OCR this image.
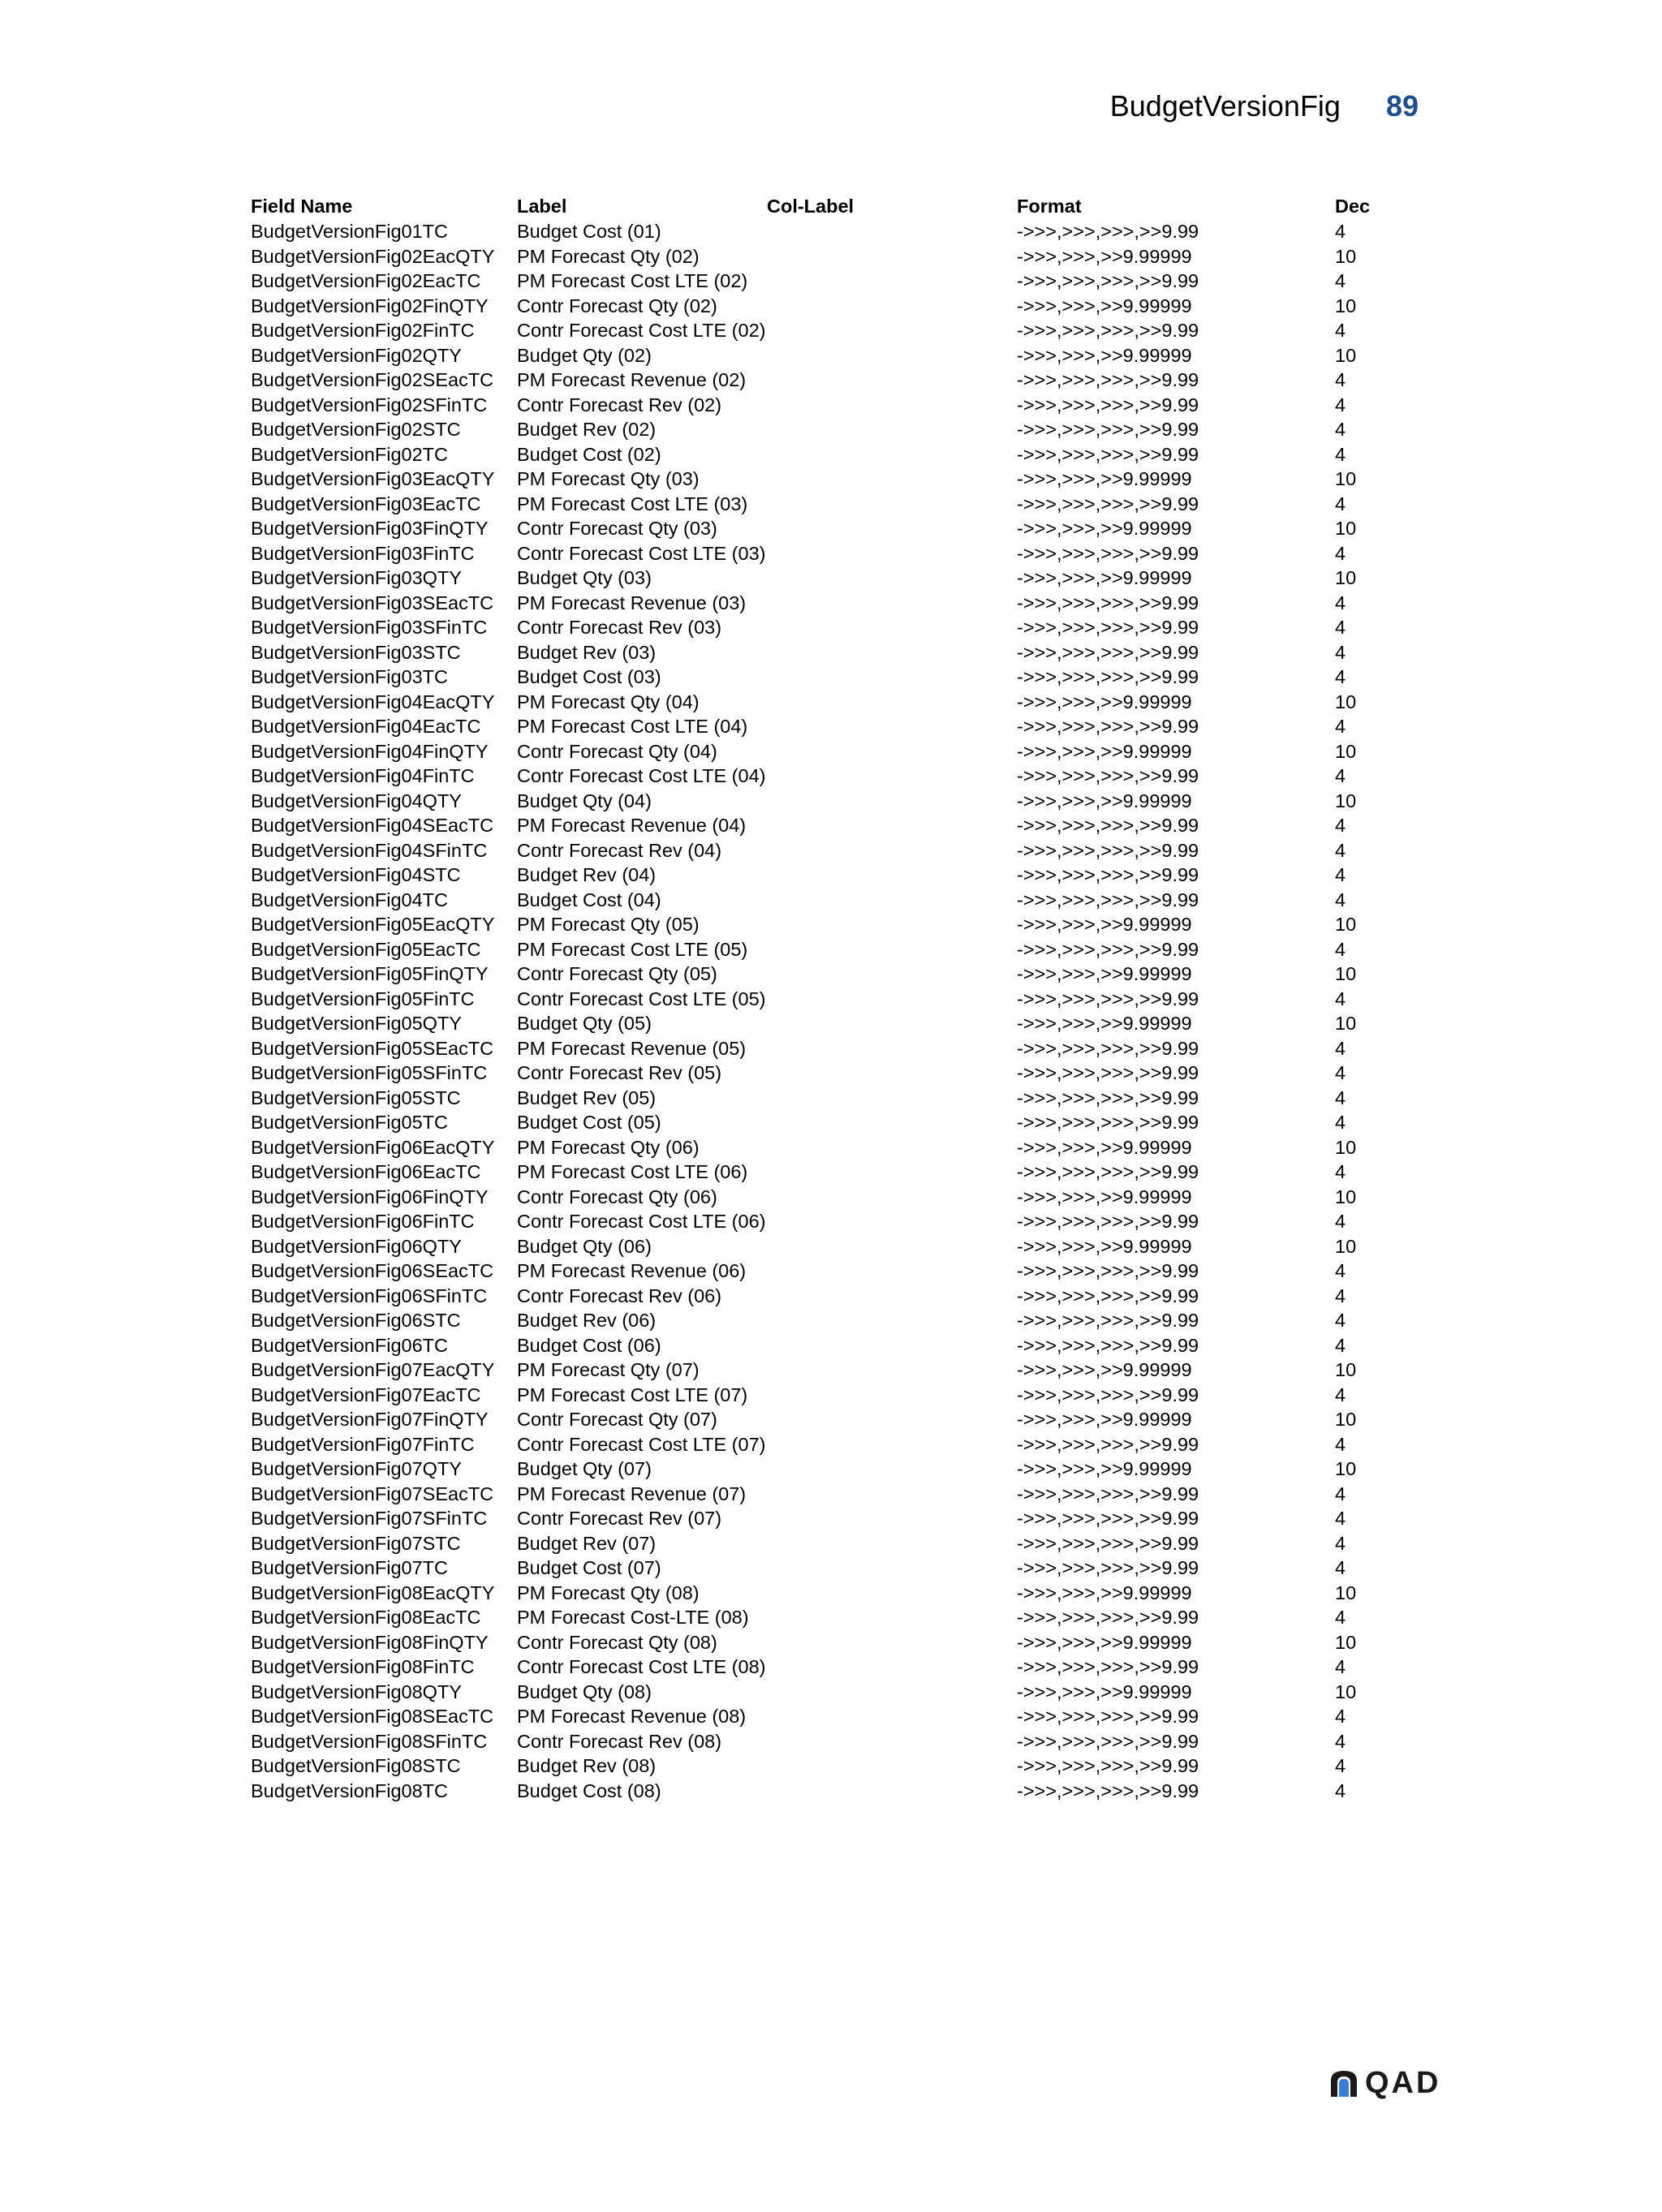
BudgetVersionFig 89
Field Name	Label	Col-Label	Format	Dec
BudgetVersionFig01TC	Budget Cost (01)		->>>,>>>,>>>,>>9.99	4
BudgetVersionFig02EacQTY	PM Forecast Qty (02)		->>>,>>>,>>9.99999	10
BudgetVersionFig02EacTC	PM Forecast Cost LTE (02)		->>>,>>>,>>>,>>9.99	4
BudgetVersionFig02FinQTY	Contr Forecast Qty (02)		->>>,>>>,>>9.99999	10
BudgetVersionFig02FinTC	Contr Forecast Cost LTE (02)		->>>,>>>,>>>,>>9.99	4
BudgetVersionFig02QTY	Budget Qty (02)		->>>,>>>,>>9.99999	10
BudgetVersionFig02SEacTC	PM Forecast Revenue (02)		->>>,>>>,>>>,>>9.99	4
BudgetVersionFig02SFinTC	Contr Forecast Rev (02)		->>>,>>>,>>>,>>9.99	4
BudgetVersionFig02STC	Budget Rev (02)		->>>,>>>,>>>,>>9.99	4
BudgetVersionFig02TC	Budget Cost (02)		->>>,>>>,>>>,>>9.99	4
BudgetVersionFig03EacQTY	PM Forecast Qty (03)		->>>,>>>,>>9.99999	10
BudgetVersionFig03EacTC	PM Forecast Cost LTE (03)		->>>,>>>,>>>,>>9.99	4
BudgetVersionFig03FinQTY	Contr Forecast Qty (03)		->>>,>>>,>>9.99999	10
BudgetVersionFig03FinTC	Contr Forecast Cost LTE (03)		->>>,>>>,>>>,>>9.99	4
BudgetVersionFig03QTY	Budget Qty (03)		->>>,>>>,>>9.99999	10
BudgetVersionFig03SEacTC	PM Forecast Revenue (03)		->>>,>>>,>>>,>>9.99	4
BudgetVersionFig03SFinTC	Contr Forecast Rev (03)		->>>,>>>,>>>,>>9.99	4
BudgetVersionFig03STC	Budget Rev (03)		->>>,>>>,>>>,>>9.99	4
BudgetVersionFig03TC	Budget Cost (03)		->>>,>>>,>>>,>>9.99	4
BudgetVersionFig04EacQTY	PM Forecast Qty (04)		->>>,>>>,>>9.99999	10
BudgetVersionFig04EacTC	PM Forecast Cost LTE (04)		->>>,>>>,>>>,>>9.99	4
BudgetVersionFig04FinQTY	Contr Forecast Qty (04)		->>>,>>>,>>9.99999	10
BudgetVersionFig04FinTC	Contr Forecast Cost LTE (04)		->>>,>>>,>>>,>>9.99	4
BudgetVersionFig04QTY	Budget Qty (04)		->>>,>>>,>>9.99999	10
BudgetVersionFig04SEacTC	PM Forecast Revenue (04)		->>>,>>>,>>>,>>9.99	4
BudgetVersionFig04SFinTC	Contr Forecast Rev (04)		->>>,>>>,>>>,>>9.99	4
BudgetVersionFig04STC	Budget Rev (04)		->>>,>>>,>>>,>>9.99	4
BudgetVersionFig04TC	Budget Cost (04)		->>>,>>>,>>>,>>9.99	4
BudgetVersionFig05EacQTY	PM Forecast Qty (05)		->>>,>>>,>>9.99999	10
BudgetVersionFig05EacTC	PM Forecast Cost LTE (05)		->>>,>>>,>>>,>>9.99	4
BudgetVersionFig05FinQTY	Contr Forecast Qty (05)		->>>,>>>,>>9.99999	10
BudgetVersionFig05FinTC	Contr Forecast Cost LTE (05)		->>>,>>>,>>>,>>9.99	4
BudgetVersionFig05QTY	Budget Qty (05)		->>>,>>>,>>9.99999	10
BudgetVersionFig05SEacTC	PM Forecast Revenue (05)		->>>,>>>,>>>,>>9.99	4
BudgetVersionFig05SFinTC	Contr Forecast Rev (05)		->>>,>>>,>>>,>>9.99	4
BudgetVersionFig05STC	Budget Rev (05)		->>>,>>>,>>>,>>9.99	4
BudgetVersionFig05TC	Budget Cost (05)		->>>,>>>,>>>,>>9.99	4
BudgetVersionFig06EacQTY	PM Forecast Qty (06)		->>>,>>>,>>9.99999	10
BudgetVersionFig06EacTC	PM Forecast Cost LTE (06)		->>>,>>>,>>>,>>9.99	4
BudgetVersionFig06FinQTY	Contr Forecast Qty (06)		->>>,>>>,>>9.99999	10
BudgetVersionFig06FinTC	Contr Forecast Cost LTE (06)		->>>,>>>,>>>,>>9.99	4
BudgetVersionFig06QTY	Budget Qty (06)		->>>,>>>,>>9.99999	10
BudgetVersionFig06SEacTC	PM Forecast Revenue (06)		->>>,>>>,>>>,>>9.99	4
BudgetVersionFig06SFinTC	Contr Forecast Rev (06)		->>>,>>>,>>>,>>9.99	4
BudgetVersionFig06STC	Budget Rev (06)		->>>,>>>,>>>,>>9.99	4
BudgetVersionFig06TC	Budget Cost (06)		->>>,>>>,>>>,>>9.99	4
BudgetVersionFig07EacQTY	PM Forecast Qty (07)		->>>,>>>,>>9.99999	10
BudgetVersionFig07EacTC	PM Forecast Cost LTE (07)		->>>,>>>,>>>,>>9.99	4
BudgetVersionFig07FinQTY	Contr Forecast Qty (07)		->>>,>>>,>>9.99999	10
BudgetVersionFig07FinTC	Contr Forecast Cost LTE (07)		->>>,>>>,>>>,>>9.99	4
BudgetVersionFig07QTY	Budget Qty (07)		->>>,>>>,>>9.99999	10
BudgetVersionFig07SEacTC	PM Forecast Revenue (07)		->>>,>>>,>>>,>>9.99	4
BudgetVersionFig07SFinTC	Contr Forecast Rev (07)		->>>,>>>,>>>,>>9.99	4
BudgetVersionFig07STC	Budget Rev (07)		->>>,>>>,>>>,>>9.99	4
BudgetVersionFig07TC	Budget Cost (07)		->>>,>>>,>>>,>>9.99	4
BudgetVersionFig08EacQTY	PM Forecast Qty (08)		->>>,>>>,>>9.99999	10
BudgetVersionFig08EacTC	PM Forecast Cost-LTE (08)		->>>,>>>,>>>,>>9.99	4
BudgetVersionFig08FinQTY	Contr Forecast Qty (08)		->>>,>>>,>>9.99999	10
BudgetVersionFig08FinTC	Contr Forecast Cost LTE (08)		->>>,>>>,>>>,>>9.99	4
BudgetVersionFig08QTY	Budget Qty (08)		->>>,>>>,>>9.99999	10
BudgetVersionFig08SEacTC	PM Forecast Revenue (08)		->>>,>>>,>>>,>>9.99	4
BudgetVersionFig08SFinTC	Contr Forecast Rev (08)		->>>,>>>,>>>,>>9.99	4
BudgetVersionFig08STC	Budget Rev (08)		->>>,>>>,>>>,>>9.99	4
BudgetVersionFig08TC	Budget Cost (08)		->>>,>>>,>>>,>>9.99	4
QAD
